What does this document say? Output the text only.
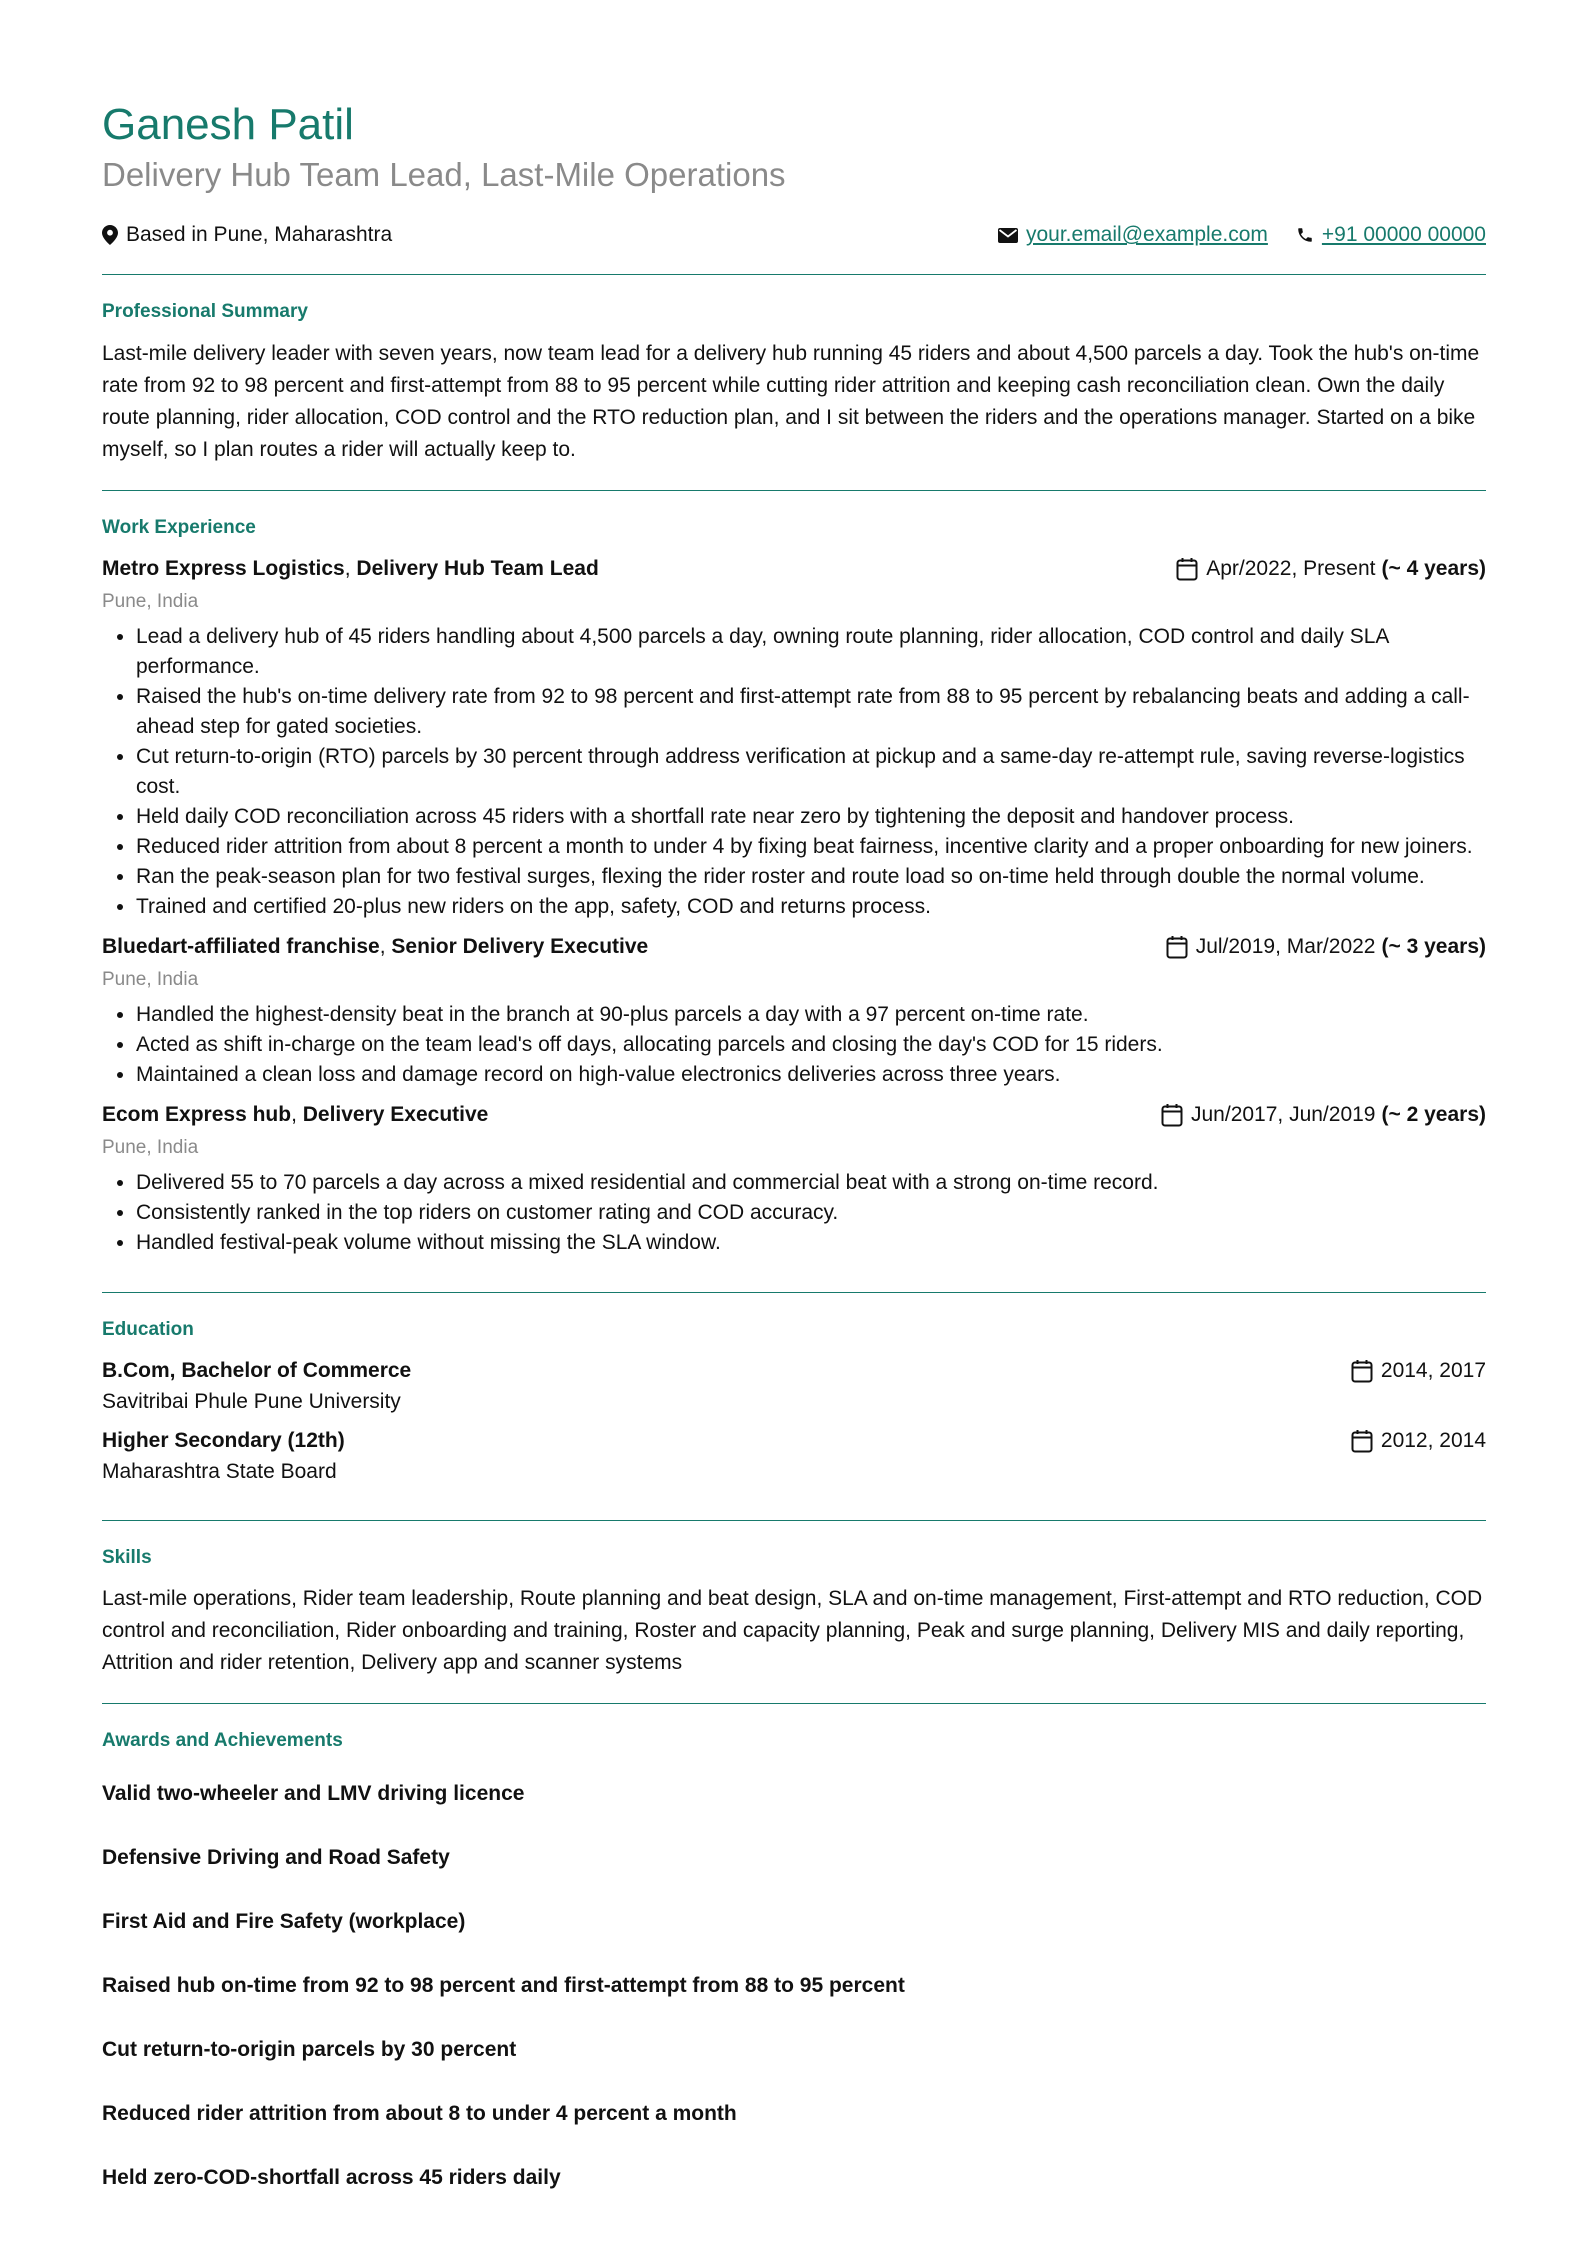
Ganesh Patil
Delivery Hub Team Lead, Last-Mile Operations
Based in Pune, Maharashtra	your.email@example.com	+91 00000 00000
Professional Summary
Last-mile delivery leader with seven years, now team lead for a delivery hub running 45 riders and about 4,500 parcels a day. Took the hub's on-time rate from 92 to 98 percent and first-attempt from 88 to 95 percent while cutting rider attrition and keeping cash reconciliation clean. Own the daily route planning, rider allocation, COD control and the RTO reduction plan, and I sit between the riders and the operations manager. Started on a bike myself, so I plan routes a rider will actually keep to.
Work Experience
Metro Express Logistics, Delivery Hub Team Lead	Apr/2022, Present (~ 4 years)
Pune, India
• Lead a delivery hub of 45 riders handling about 4,500 parcels a day, owning route planning, rider allocation, COD control and daily SLA performance.
• Raised the hub's on-time delivery rate from 92 to 98 percent and first-attempt rate from 88 to 95 percent by rebalancing beats and adding a call-ahead step for gated societies.
• Cut return-to-origin (RTO) parcels by 30 percent through address verification at pickup and a same-day re-attempt rule, saving reverse-logistics cost.
• Held daily COD reconciliation across 45 riders with a shortfall rate near zero by tightening the deposit and handover process.
• Reduced rider attrition from about 8 percent a month to under 4 by fixing beat fairness, incentive clarity and a proper onboarding for new joiners.
• Ran the peak-season plan for two festival surges, flexing the rider roster and route load so on-time held through double the normal volume.
• Trained and certified 20-plus new riders on the app, safety, COD and returns process.
Bluedart-affiliated franchise, Senior Delivery Executive	Jul/2019, Mar/2022 (~ 3 years)
Pune, India
• Handled the highest-density beat in the branch at 90-plus parcels a day with a 97 percent on-time rate.
• Acted as shift in-charge on the team lead's off days, allocating parcels and closing the day's COD for 15 riders.
• Maintained a clean loss and damage record on high-value electronics deliveries across three years.
Ecom Express hub, Delivery Executive	Jun/2017, Jun/2019 (~ 2 years)
Pune, India
• Delivered 55 to 70 parcels a day across a mixed residential and commercial beat with a strong on-time record.
• Consistently ranked in the top riders on customer rating and COD accuracy.
• Handled festival-peak volume without missing the SLA window.
Education
B.Com, Bachelor of Commerce	2014, 2017
Savitribai Phule Pune University
Higher Secondary (12th)	2012, 2014
Maharashtra State Board
Skills
Last-mile operations, Rider team leadership, Route planning and beat design, SLA and on-time management, First-attempt and RTO reduction, COD control and reconciliation, Rider onboarding and training, Roster and capacity planning, Peak and surge planning, Delivery MIS and daily reporting, Attrition and rider retention, Delivery app and scanner systems
Awards and Achievements
Valid two-wheeler and LMV driving licence
Defensive Driving and Road Safety
First Aid and Fire Safety (workplace)
Raised hub on-time from 92 to 98 percent and first-attempt from 88 to 95 percent
Cut return-to-origin parcels by 30 percent
Reduced rider attrition from about 8 to under 4 percent a month
Held zero-COD-shortfall across 45 riders daily
